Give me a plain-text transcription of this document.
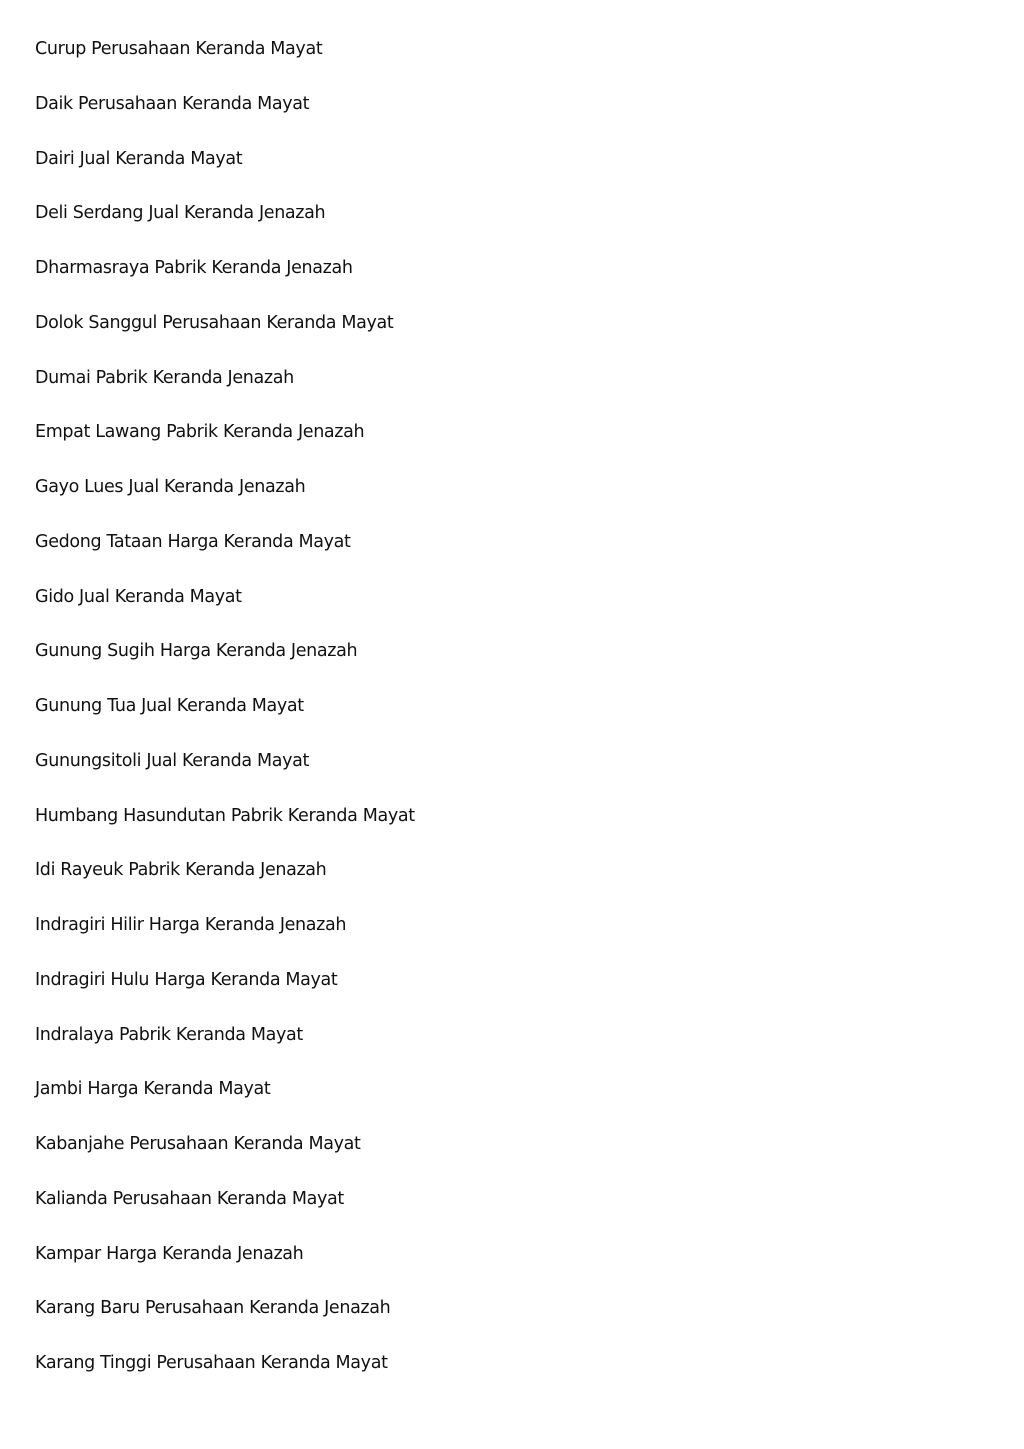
Curup Perusahaan Keranda Mayat
Daik Perusahaan Keranda Mayat
Dairi Jual Keranda Mayat
Deli Serdang Jual Keranda Jenazah
Dharmasraya Pabrik Keranda Jenazah
Dolok Sanggul Perusahaan Keranda Mayat
Dumai Pabrik Keranda Jenazah
Empat Lawang Pabrik Keranda Jenazah
Gayo Lues Jual Keranda Jenazah
Gedong Tataan Harga Keranda Mayat
Gido Jual Keranda Mayat
Gunung Sugih Harga Keranda Jenazah
Gunung Tua Jual Keranda Mayat
Gunungsitoli Jual Keranda Mayat
Humbang Hasundutan Pabrik Keranda Mayat
Idi Rayeuk Pabrik Keranda Jenazah
Indragiri Hilir Harga Keranda Jenazah
Indragiri Hulu Harga Keranda Mayat
Indralaya Pabrik Keranda Mayat
Jambi Harga Keranda Mayat
Kabanjahe Perusahaan Keranda Mayat
Kalianda Perusahaan Keranda Mayat
Kampar Harga Keranda Jenazah
Karang Baru Perusahaan Keranda Jenazah
Karang Tinggi Perusahaan Keranda Mayat
